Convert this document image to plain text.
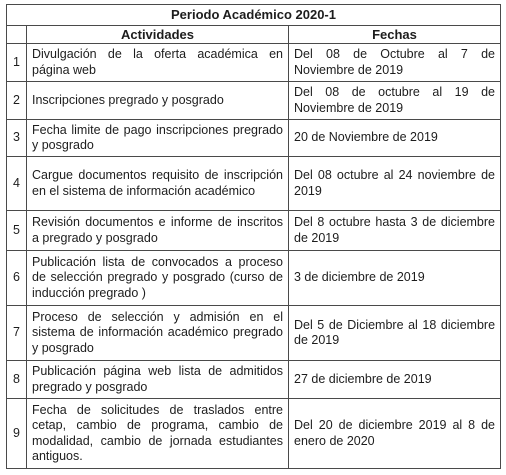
Periodo Académico 2020-1		
	Actividades	Fechas
1	Divulgación de la oferta académica en página web	Del 08 de Octubre al 7 de Noviembre de 2019
2	Inscripciones pregrado y posgrado	Del 08 de octubre al 19 de Noviembre de 2019
3	Fecha limite de pago inscripciones pregrado y posgrado	20 de Noviembre de 2019
4	Cargue documentos requisito de inscripción en el sistema de información académico	Del 08 octubre al 24 noviembre de 2019
5	Revisión documentos e informe de inscritos a pregrado y posgrado	Del 8 octubre hasta 3 de diciembre de 2019
6	Publicación lista de convocados a proceso de selección pregrado y posgrado (curso de inducción pregrado )	3 de diciembre de 2019
7	Proceso de selección y admisión en el sistema de información académico pregrado y posgrado	Del 5 de Diciembre al 18 diciembre de 2019
8	Publicación página web lista de admitidos pregrado y posgrado	27 de diciembre de 2019
9	Fecha de solicitudes de traslados entre cetap, cambio de programa, cambio de modalidad, cambio de jornada estudiantes antiguos.	Del 20 de diciembre 2019 al 8 de enero de 2020
